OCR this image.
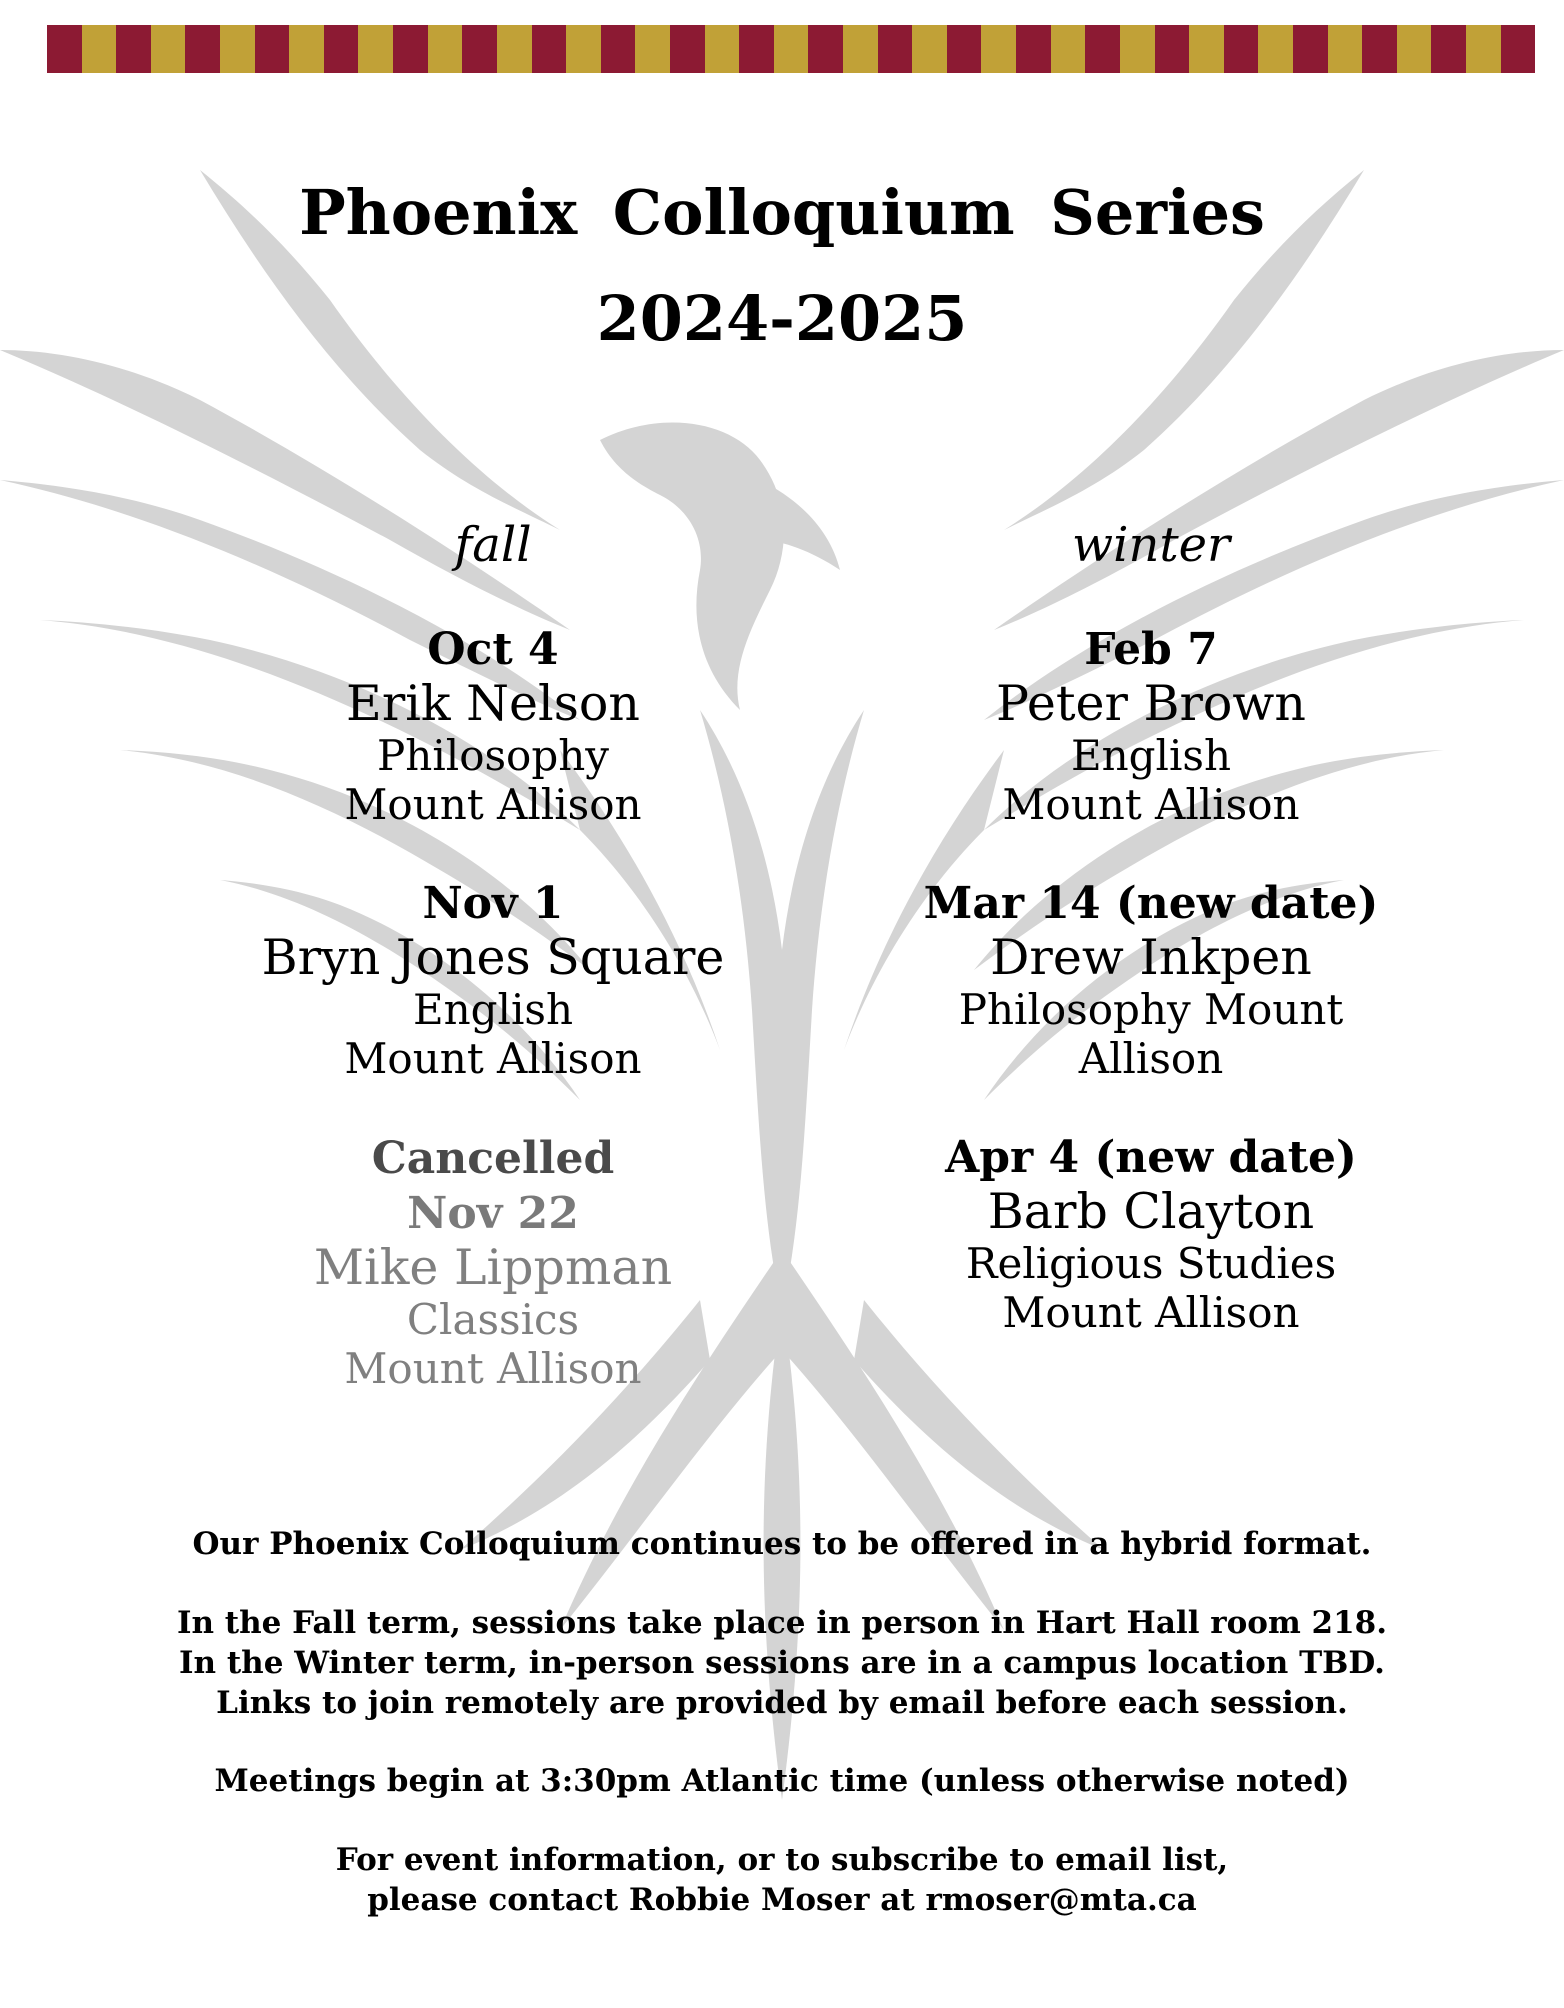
Phoenix Colloquium Series
2024-2025
fall
Oct 4
Erik Nelson
Philosophy
Mount Allison
Nov 1
Bryn Jones Square
English
Mount Allison
Cancelled
Nov 22
Mike Lippman
Classics
Mount Allison
winter
Feb 7
Peter Brown
English
Mount Allison
Mar 14 (new date)
Drew Inkpen
Philosophy Mount Allison
Apr 4 (new date)
Barb Clayton
Religious Studies
Mount Allison
Our Phoenix Colloquium continues to be offered in a hybrid format.
In the Fall term, sessions take place in person in Hart Hall room 218.
In the Winter term, in-person sessions are in a campus location TBD.
Links to join remotely are provided by email before each session.
Meetings begin at 3:30pm Atlantic time (unless otherwise noted)
For event information, or to subscribe to email list,
please contact Robbie Moser at rmoser@mta.ca
